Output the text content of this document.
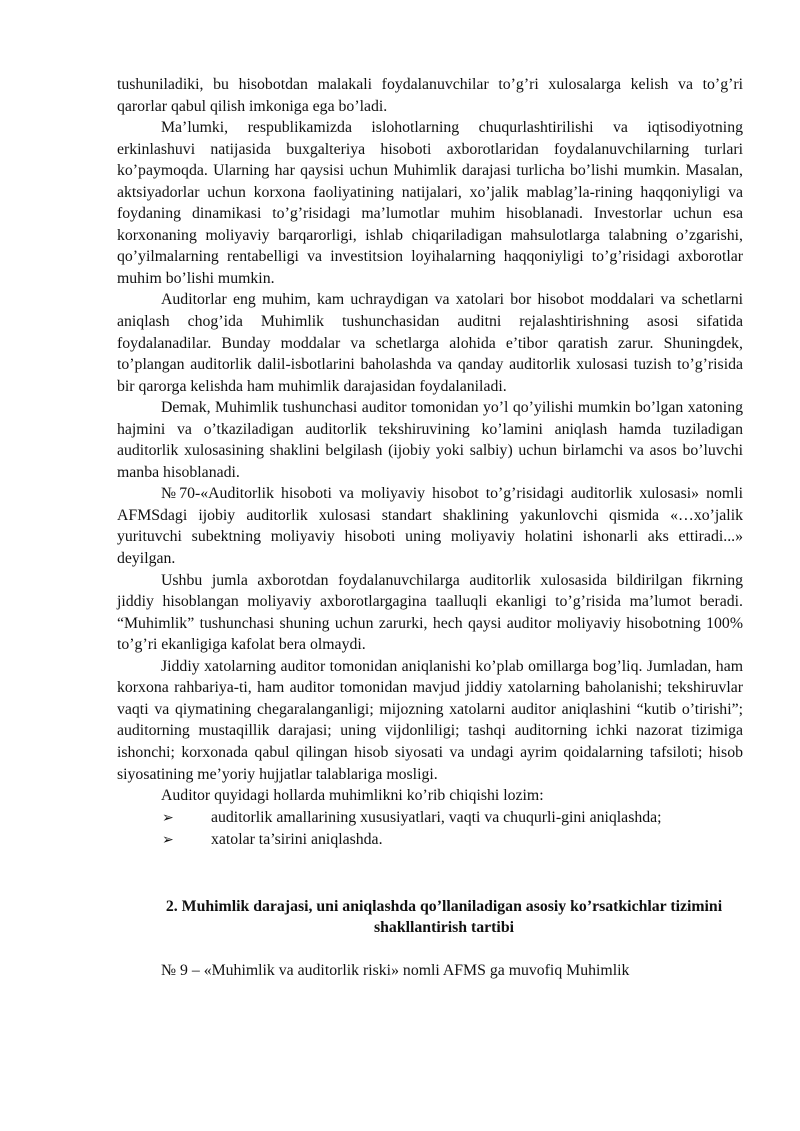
tushuniladiki, bu hisobotdan malakali foydalanuvchilar to’g’ri xulosalarga kelish va to’g’ri qarorlar qabul qilish imkoniga ega bo’ladi.

Ma’lumki, respublikamizda islohotlarning chuqurlashtirilishi va iqtisodiyotning erkinlashuvi natijasida buxgalteriya hisoboti axborotlaridan foydalanuvchilarning turlari ko’paymoqda. Ularning har qaysisi uchun Muhimlik darajasi turlicha bo’lishi mumkin. Masalan, aktsiyadorlar uchun korxona faoliyatining natijalari, xo’jalik mablag’la-rining haqqoniyligi va foydaning dinamikasi to’g’risidagi ma’lumotlar muhim hisoblanadi. Investorlar uchun esa korxonaning moliyaviy barqarorligi, ishlab chiqariladigan mahsulotlarga talabning o’zgarishi, qo’yilmalarning rentabelligi va investitsion loyihalarning haqqoniyligi to’g’risidagi axborotlar muhim bo’lishi mumkin.

Auditorlar eng muhim, kam uchraydigan va xatolari bor hisobot moddalari va schetlarni aniqlash chog’ida Muhimlik tushunchasidan auditni rejalashtirishning asosi sifatida foydalanadilar. Bunday moddalar va schetlarga alohida e’tibor qaratish zarur. Shuningdek, to’plangan auditorlik dalil-isbotlarini baholashda va qanday auditorlik xulosasi tuzish to’g’risida bir qarorga kelishda ham muhimlik darajasidan foydalaniladi.

Demak, Muhimlik tushunchasi auditor tomonidan yo’l qo’yilishi mumkin bo’lgan xatoning hajmini va o’tkaziladigan auditorlik tekshiruvining ko’lamini aniqlash hamda tuziladigan auditorlik xulosasining shaklini belgilash (ijobiy yoki salbiy) uchun birlamchi va asos bo’luvchi manba hisoblanadi.

№70-«Auditorlik hisoboti va moliyaviy hisobot to’g’risidagi auditorlik xulosasi» nomli AFMSdagi ijobiy auditorlik xulosasi standart shaklining yakunlovchi qismida «…xo’jalik yurituvchi subektning moliyaviy hisoboti uning moliyaviy holatini ishonarli aks ettiradi...» deyilgan.

Ushbu jumla axborotdan foydalanuvchilarga auditorlik xulosasida bildirilgan fikrning jiddiy hisoblangan moliyaviy axborotlargagina taalluqli ekanligi to’g’risida ma’lumot beradi. “Muhimlik” tushunchasi shuning uchun zarurki, hech qaysi auditor moliyaviy hisobotning 100% to’g’ri ekanligiga kafolat bera olmaydi.

Jiddiy xatolarning auditor tomonidan aniqlanishi ko’plab omillarga bog’liq. Jumladan, ham korxona rahbariya-ti, ham auditor tomonidan mavjud jiddiy xatolarning baholanishi; tekshiruvlar vaqti va qiymatining chegaralanganligi; mijozning xatolarni auditor aniqlashini “kutib o’tirishi”; auditorning mustaqillik darajasi; uning vijdonliligi; tashqi auditorning ichki nazorat tizimiga ishonchi; korxonada qabul qilingan hisob siyosati va undagi ayrim qoidalarning tafsiloti; hisob siyosatining me’yoriy hujjatlar talablariga mosligi.

Auditor quyidagi hollarda muhimlikni ko’rib chiqishi lozim:

➢	auditorlik amallarining xususiyatlari, vaqti va chuqurli-gini aniqlashda;
➢	xatolar ta’sirini aniqlashda.
2. Muhimlik darajasi, uni aniqlashda qo’llaniladigan asosiy ko’rsatkichlar tizimini shakllantirish tartibi

№ 9 – «Muhimlik va auditorlik riski» nomli AFMS ga muvofiq Muhimlik
